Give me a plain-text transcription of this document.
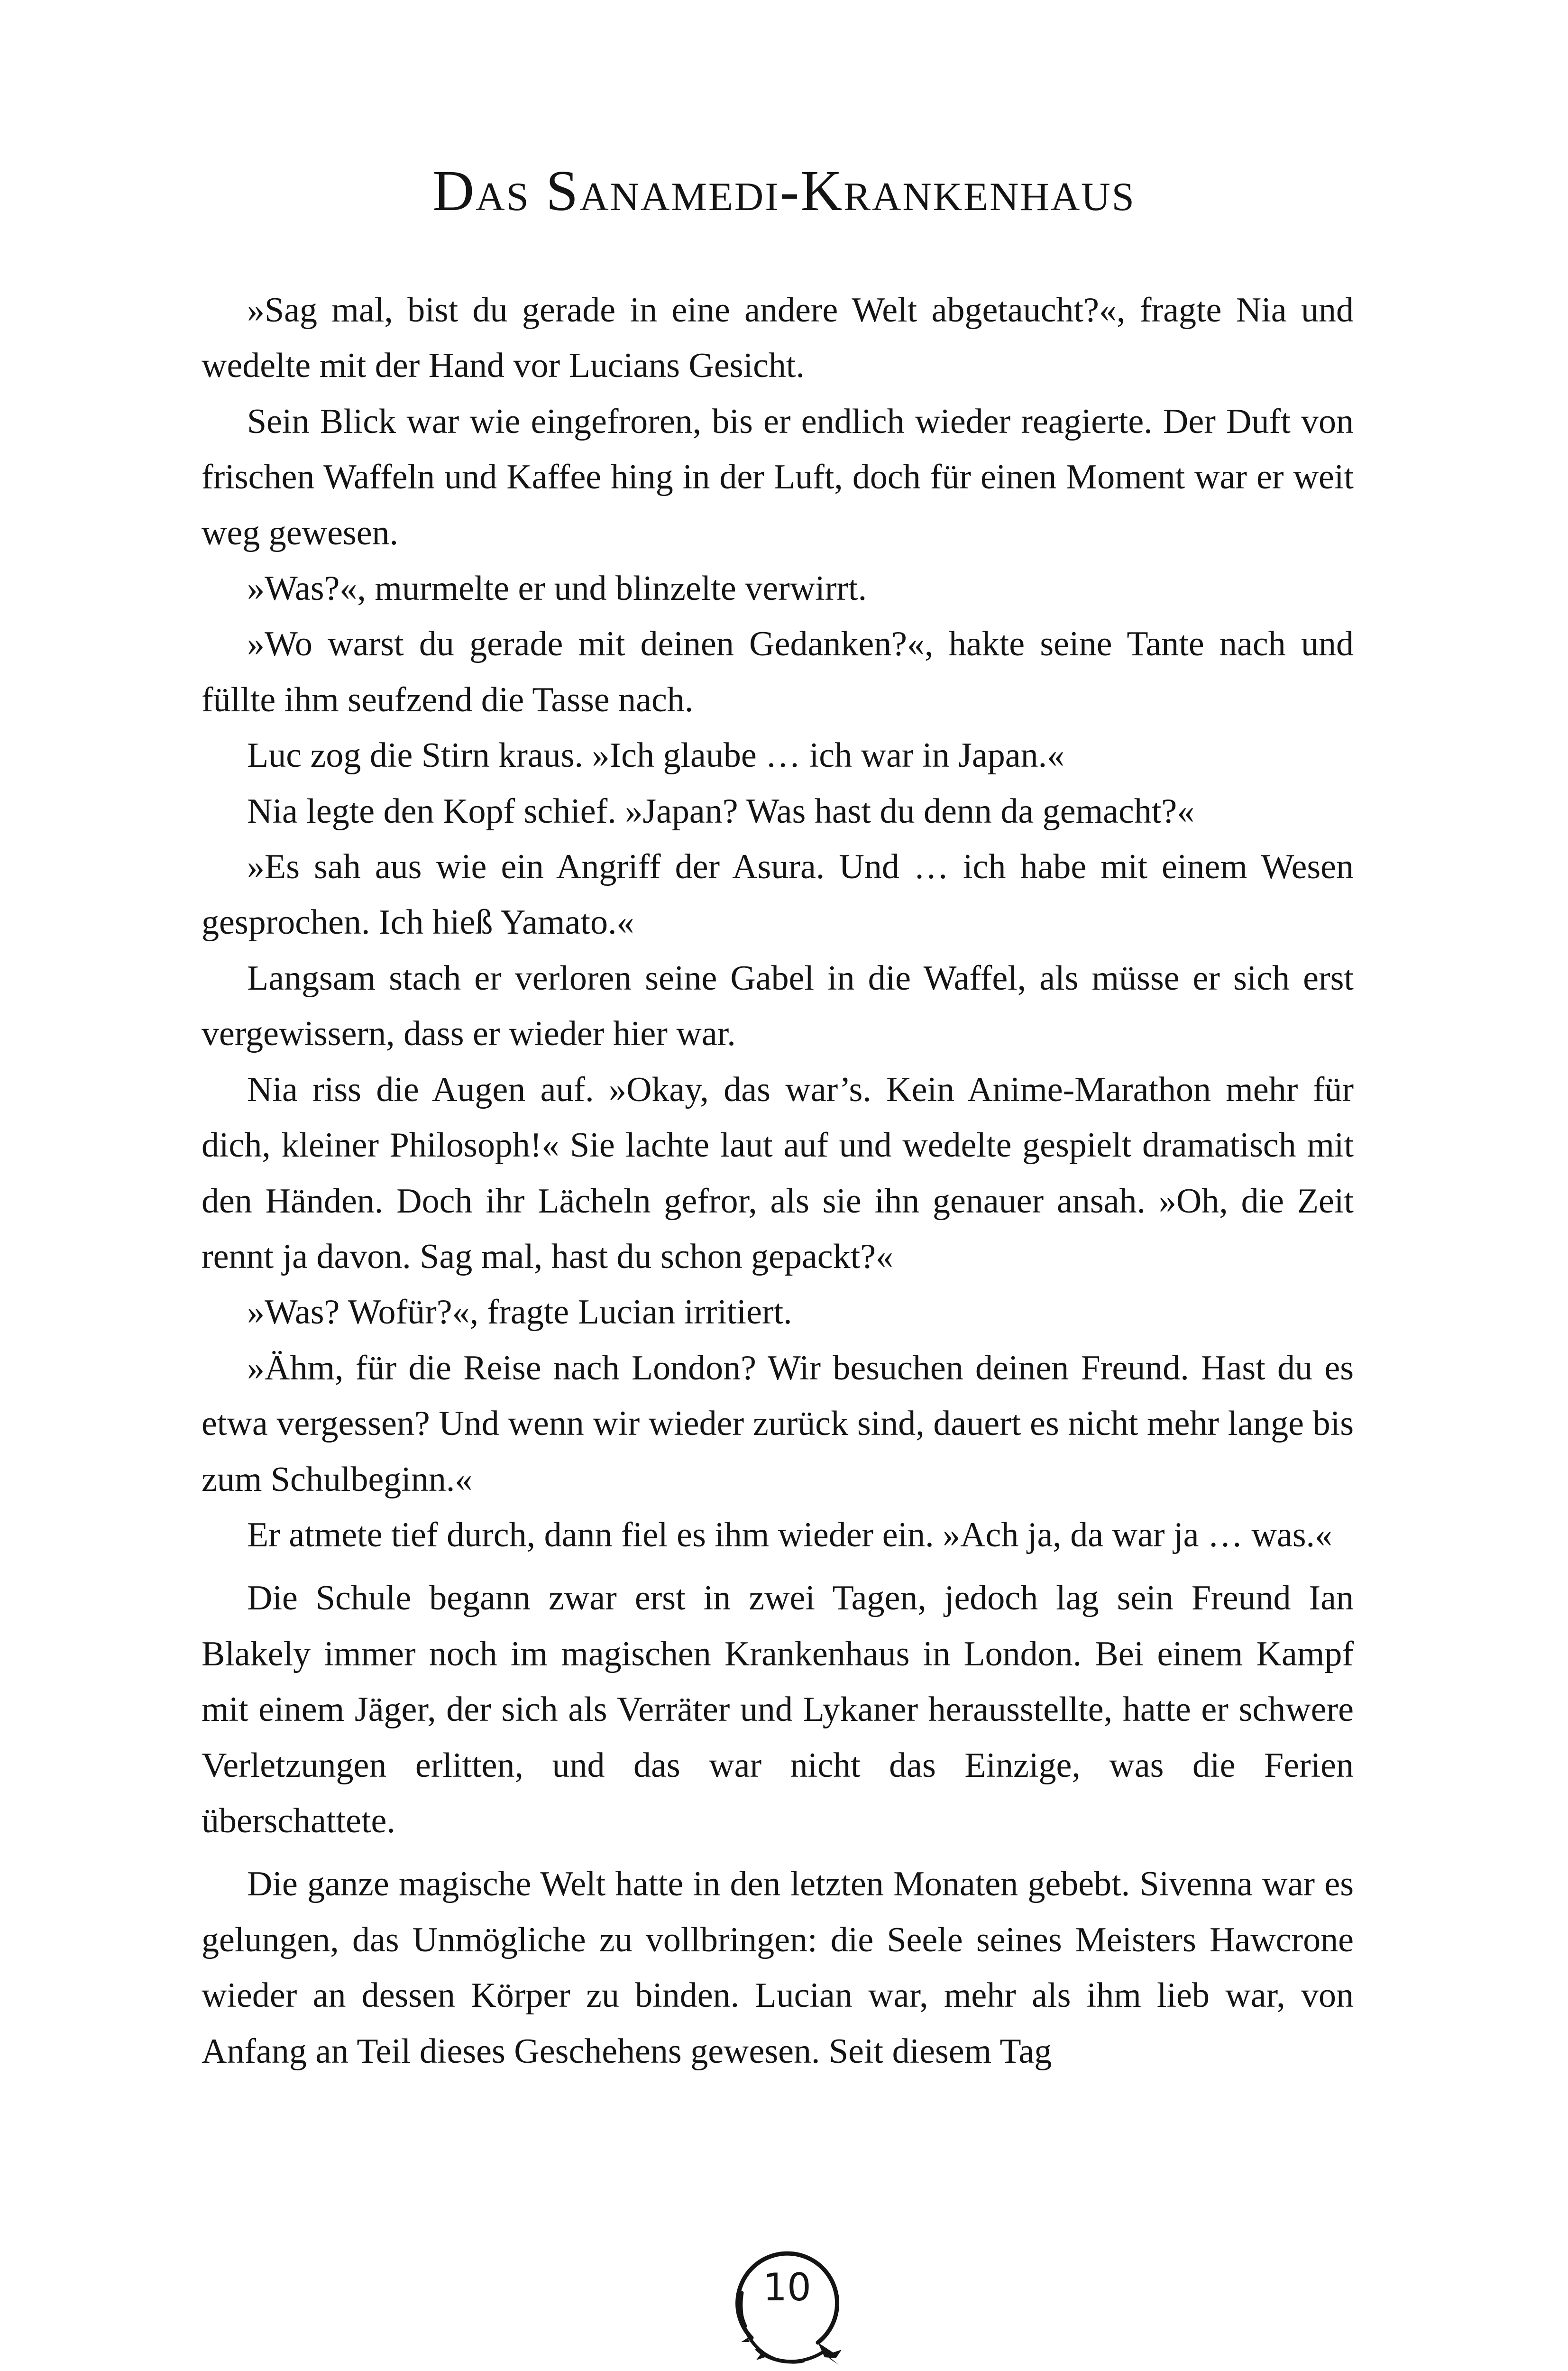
Das Sanamedi-Krankenhaus

»Sag mal, bist du gerade in eine andere Welt abgetaucht?«, fragte Nia und wedelte mit der Hand vor Lucians Gesicht.

Sein Blick war wie eingefroren, bis er endlich wieder reagierte. Der Duft von frischen Waffeln und Kaffee hing in der Luft, doch für einen Moment war er weit weg gewesen.

»Was?«, murmelte er und blinzelte verwirrt.

»Wo warst du gerade mit deinen Gedanken?«, hakte seine Tante nach und füllte ihm seufzend die Tasse nach.

Luc zog die Stirn kraus. »Ich glaube … ich war in Japan.«

Nia legte den Kopf schief. »Japan? Was hast du denn da gemacht?«

»Es sah aus wie ein Angriff der Asura. Und … ich habe mit einem Wesen gesprochen. Ich hieß Yamato.«

Langsam stach er verloren seine Gabel in die Waffel, als müsse er sich erst vergewissern, dass er wieder hier war.

Nia riss die Augen auf. »Okay, das war’s. Kein Anime-Marathon mehr für dich, kleiner Philosoph!« Sie lachte laut auf und wedelte gespielt dramatisch mit den Händen. Doch ihr Lächeln gefror, als sie ihn genauer ansah. »Oh, die Zeit rennt ja davon. Sag mal, hast du schon gepackt?«

»Was? Wofür?«, fragte Lucian irritiert.

»Ähm, für die Reise nach London? Wir besuchen deinen Freund. Hast du es etwa vergessen? Und wenn wir wieder zurück sind, dauert es nicht mehr lange bis zum Schulbeginn.«

Er atmete tief durch, dann fiel es ihm wieder ein. »Ach ja, da war ja … was.«

Die Schule begann zwar erst in zwei Tagen, jedoch lag sein Freund Ian Blakely immer noch im magischen Krankenhaus in London. Bei einem Kampf mit einem Jäger, der sich als Verräter und Lykaner herausstellte, hatte er schwere Verletzungen erlitten, und das war nicht das Einzige, was die Ferien überschattete.

Die ganze magische Welt hatte in den letzten Monaten gebebt. Sivenna war es gelungen, das Unmögliche zu vollbringen: die Seele seines Meisters Hawcrone wieder an dessen Körper zu binden. Lucian war, mehr als ihm lieb war, von Anfang an Teil dieses Geschehens gewesen. Seit diesem Tag

10
